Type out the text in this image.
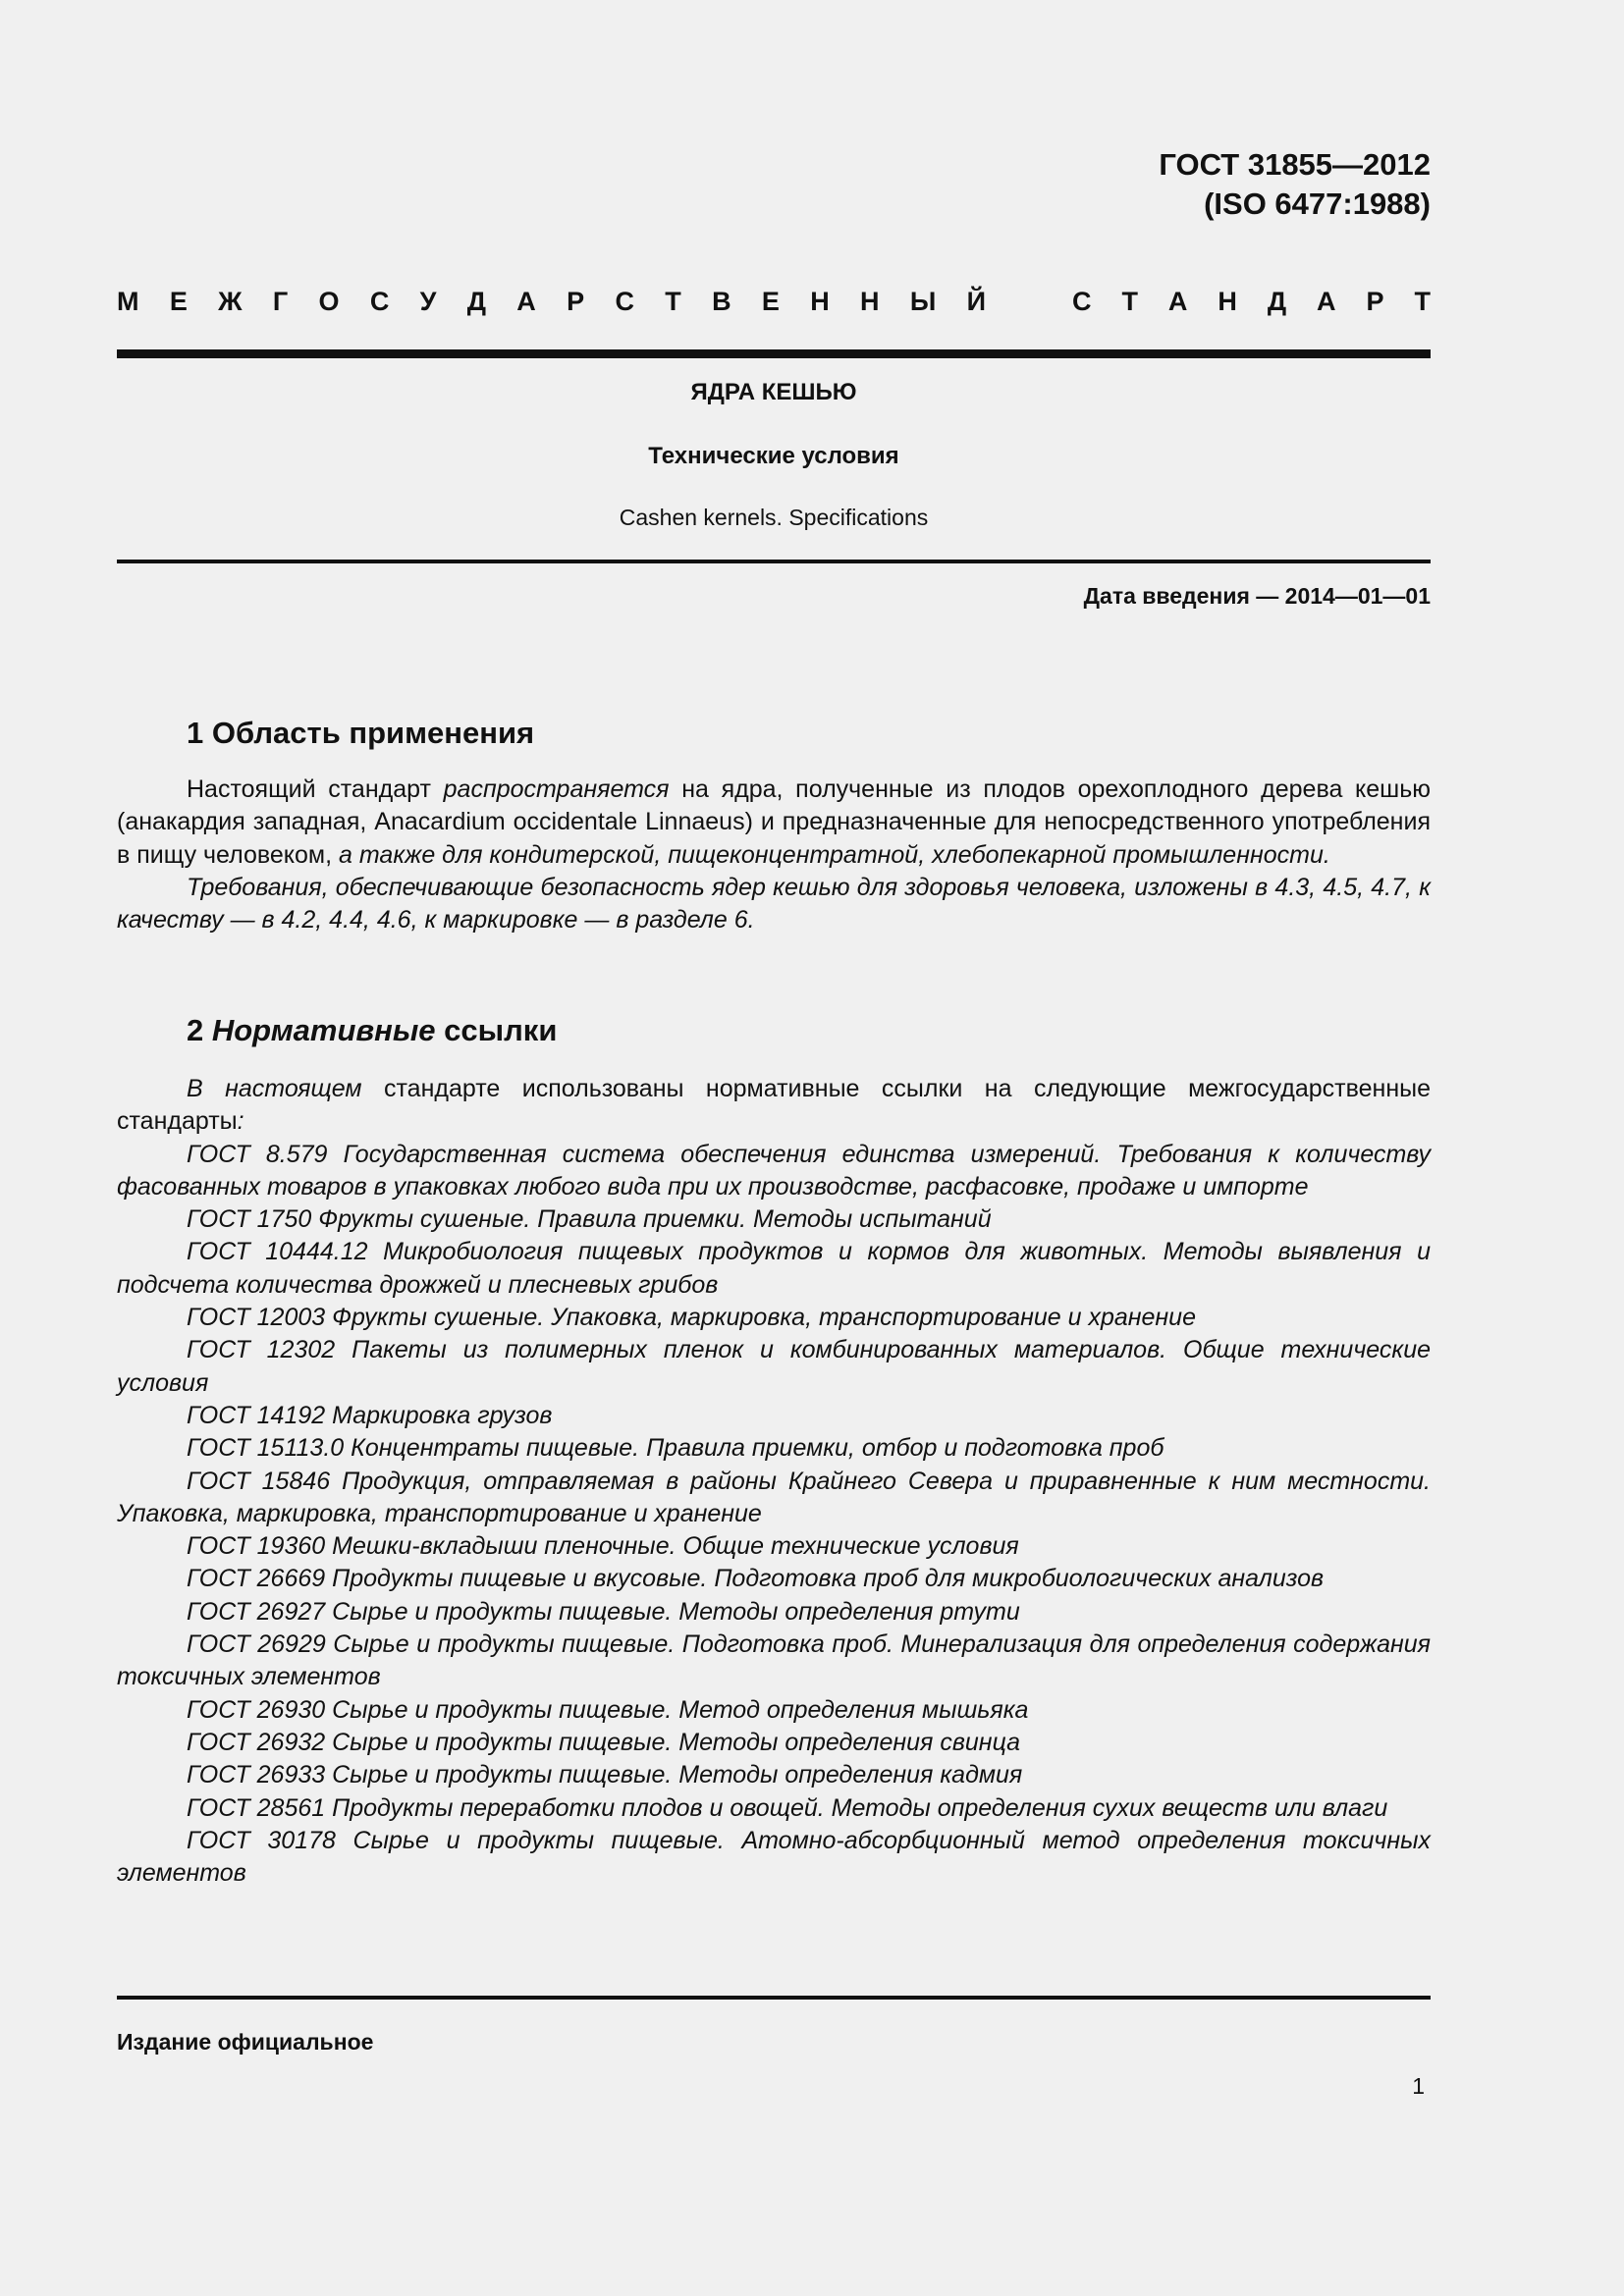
ГОСТ 31855—2012
(ISO 6477:1988)
М Е Ж Г О С У Д А Р С Т В Е Н Н Ы Й	С Т А Н Д А Р Т
ЯДРА КЕШЬЮ
Технические условия
Cashen kernels. Specifications
Дата введения — 2014—01—01
1 Область применения

Настоящий стандарт распространяется на ядра, полученные из плодов орехоплодного дерева кешью (анакардия западная, Anacardium occidentale Linnaeus) и предназначенные для непосредственного употребления в пищу человеком, а также для кондитерской, пищеконцентратной, хлебопекарной промышленности.

Требования, обеспечивающие безопасность ядер кешью для здоровья человека, изложены в 4.3, 4.5, 4.7, к качеству — в 4.2, 4.4, 4.6, к маркировке — в разделе 6.

2 Нормативные ссылки

В настоящем стандарте использованы нормативные ссылки на следующие межгосударственные стандарты:

ГОСТ 8.579 Государственная система обеспечения единства измерений. Требования к количеству фасованных товаров в упаковках любого вида при их производстве, расфасовке, продаже и импорте

ГОСТ 1750 Фрукты сушеные. Правила приемки. Методы испытаний

ГОСТ 10444.12 Микробиология пищевых продуктов и кормов для животных. Методы выявления и подсчета количества дрожжей и плесневых грибов

ГОСТ 12003 Фрукты сушеные. Упаковка, маркировка, транспортирование и хранение

ГОСТ 12302 Пакеты из полимерных пленок и комбинированных материалов. Общие технические условия

ГОСТ 14192 Маркировка грузов

ГОСТ 15113.0 Концентраты пищевые. Правила приемки, отбор и подготовка проб

ГОСТ 15846 Продукция, отправляемая в районы Крайнего Севера и приравненные к ним местности. Упаковка, маркировка, транспортирование и хранение

ГОСТ 19360 Мешки-вкладыши пленочные. Общие технические условия

ГОСТ 26669 Продукты пищевые и вкусовые. Подготовка проб для микробиологических анализов

ГОСТ 26927 Сырье и продукты пищевые. Методы определения ртути

ГОСТ 26929 Сырье и продукты пищевые. Подготовка проб. Минерализация для определения содержания токсичных элементов

ГОСТ 26930 Сырье и продукты пищевые. Метод определения мышьяка

ГОСТ 26932 Сырье и продукты пищевые. Методы определения свинца

ГОСТ 26933 Сырье и продукты пищевые. Методы определения кадмия

ГОСТ 28561 Продукты переработки плодов и овощей. Методы определения сухих веществ или влаги

ГОСТ 30178 Сырье и продукты пищевые. Атомно-абсорбционный метод определения токсичных элементов

Издание официальное
1
